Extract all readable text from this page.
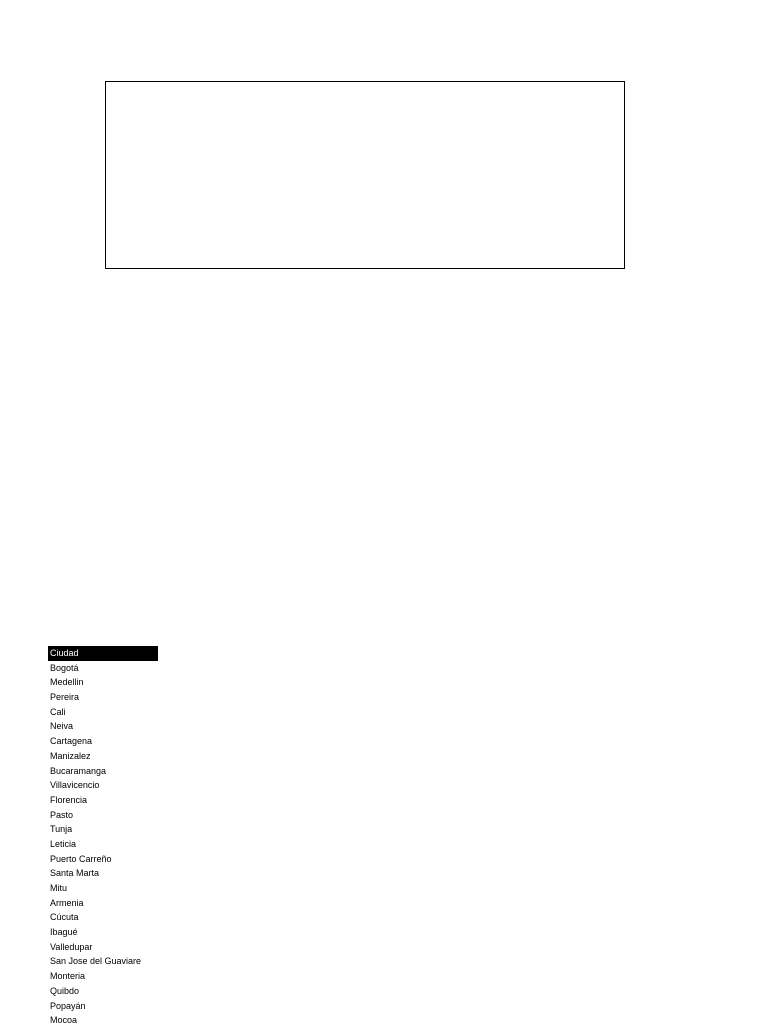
Ciudad
Bogotá
Medellin
Pereira
Cali
Neiva
Cartagena
Manizalez
Bucaramanga
Villavicencio
Florencia
Pasto
Tunja
Leticia
Puerto Carreño
Santa Marta
Mitu
Armenia
Cúcuta
Ibagué
Valledupar
San Jose del Guaviare
Monteria
Quibdo
Popayán
Mocoa
